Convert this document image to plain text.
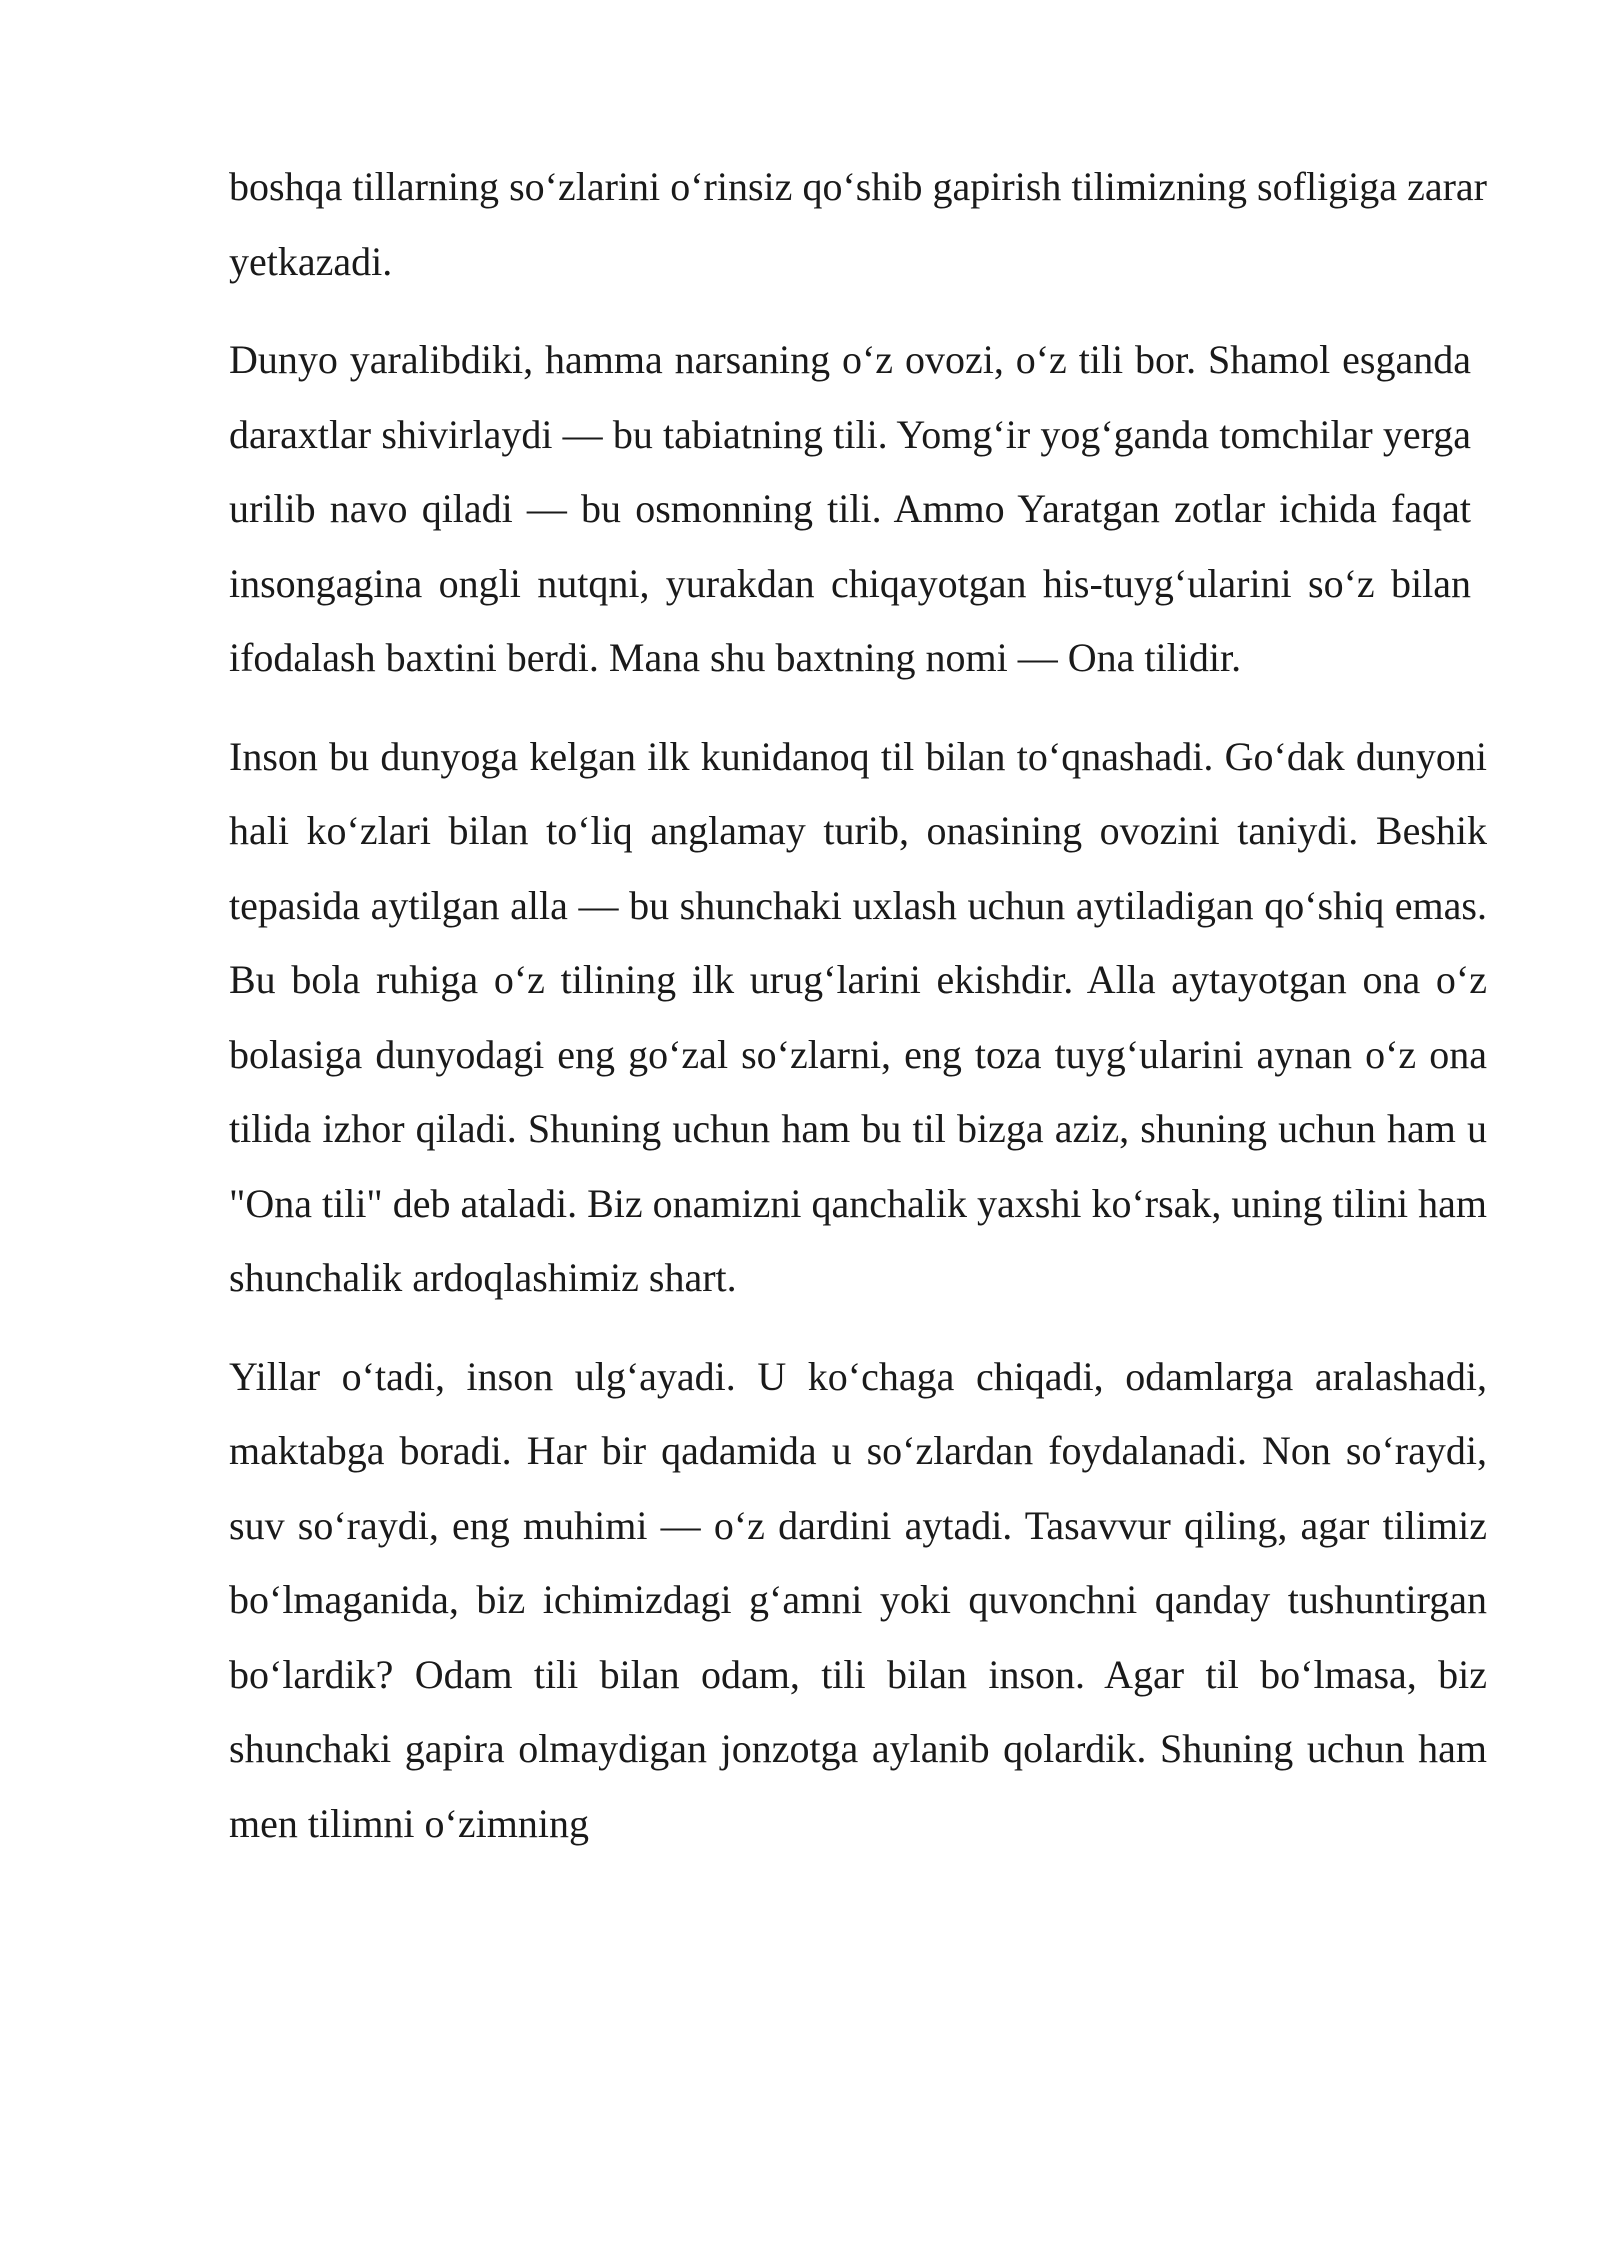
boshqa tillarning so‘zlarini o‘rinsiz qo‘shib gapirish tilimizning sofligiga zarar yetkazadi.

Dunyo yaralibdiki, hamma narsaning o‘z ovozi, o‘z tili bor. Shamol esganda daraxtlar shivirlaydi — bu tabiatning tili. Yomg‘ir yog‘ganda tomchilar yerga urilib navo qiladi — bu osmonning tili. Ammo Yaratgan zotlar ichida faqat insongagina ongli nutqni, yurakdan chiqayotgan his-tuyg‘ularini so‘z bilan ifodalash baxtini berdi. Mana shu baxtning nomi — Ona tilidir.

Inson bu dunyoga kelgan ilk kunidanoq til bilan to‘qnashadi. Go‘dak dunyoni hali ko‘zlari bilan to‘liq anglamay turib, onasining ovozini taniydi. Beshik tepasida aytilgan alla — bu shunchaki uxlash uchun aytiladigan qo‘shiq emas. Bu bola ruhiga o‘z tilining ilk urug‘larini ekishdir. Alla aytayotgan ona o‘z bolasiga dunyodagi eng go‘zal so‘zlarni, eng toza tuyg‘ularini aynan o‘z ona tilida izhor qiladi. Shuning uchun ham bu til bizga aziz, shuning uchun ham u "Ona tili" deb ataladi. Biz onamizni qanchalik yaxshi ko‘rsak, uning tilini ham shunchalik ardoqlashimiz shart.

Yillar o‘tadi, inson ulg‘ayadi. U ko‘chaga chiqadi, odamlarga aralashadi, maktabga boradi. Har bir qadamida u so‘zlardan foydalanadi. Non so‘raydi, suv so‘raydi, eng muhimi — o‘z dardini aytadi. Tasavvur qiling, agar tilimiz bo‘lmaganida, biz ichimizdagi g‘amni yoki quvonchni qanday tushuntirgan bo‘lardik? Odam tili bilan odam, tili bilan inson. Agar til bo‘lmasa, biz shunchaki gapira olmaydigan jonzotga aylanib qolardik. Shuning uchun ham men tilimni o‘zimning
